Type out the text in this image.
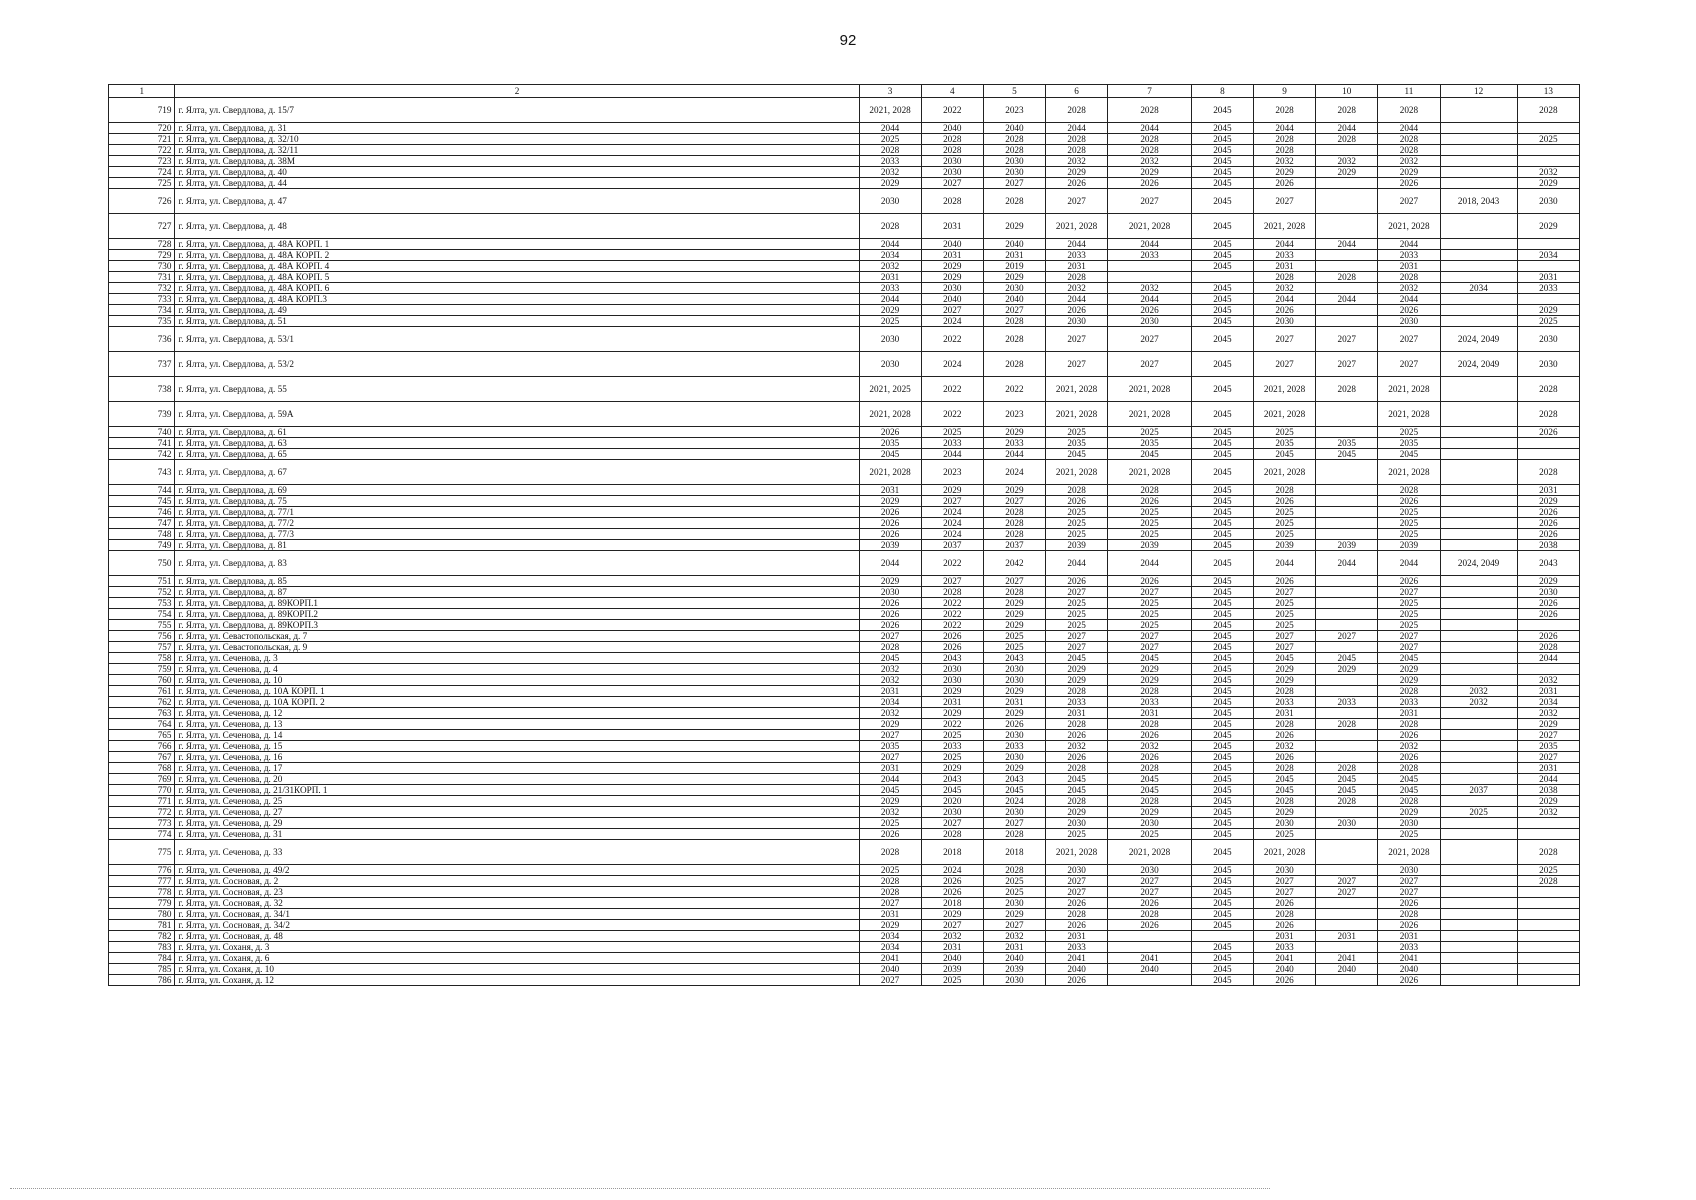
92
1	2	3	4	5	6	7	8	9	10	11	12	13
719	г. Ялта, ул. Свердлова, д. 15/7	2021, 2028	2022	2023	2028	2028	2045	2028	2028	2028		2028
720	г. Ялта, ул. Свердлова, д. 31	2044	2040	2040	2044	2044	2045	2044	2044	2044		
721	г. Ялта, ул. Свердлова, д. 32/10	2025	2028	2028	2028	2028	2045	2028	2028	2028		2025
722	г. Ялта, ул. Свердлова, д. 32/11	2028	2028	2028	2028	2028	2045	2028		2028		
723	г. Ялта, ул. Свердлова, д. 38М	2033	2030	2030	2032	2032	2045	2032	2032	2032		
724	г. Ялта, ул. Свердлова, д. 40	2032	2030	2030	2029	2029	2045	2029	2029	2029		2032
725	г. Ялта, ул. Свердлова, д. 44	2029	2027	2027	2026	2026	2045	2026		2026		2029
726	г. Ялта, ул. Свердлова, д. 47	2030	2028	2028	2027	2027	2045	2027		2027	2018, 2043	2030
727	г. Ялта, ул. Свердлова, д. 48	2028	2031	2029	2021, 2028	2021, 2028	2045	2021, 2028		2021, 2028		2029
728	г. Ялта, ул. Свердлова, д. 48А КОРП. 1	2044	2040	2040	2044	2044	2045	2044	2044	2044		
729	г. Ялта, ул. Свердлова, д. 48А КОРП. 2	2034	2031	2031	2033	2033	2045	2033		2033		2034
730	г. Ялта, ул. Свердлова, д. 48А КОРП. 4	2032	2029	2019	2031		2045	2031		2031		
731	г. Ялта, ул. Свердлова, д. 48А КОРП. 5	2031	2029	2029	2028			2028	2028	2028		2031
732	г. Ялта, ул. Свердлова, д. 48А КОРП. 6	2033	2030	2030	2032	2032	2045	2032		2032	2034	2033
733	г. Ялта, ул. Свердлова, д. 48А КОРП.3	2044	2040	2040	2044	2044	2045	2044	2044	2044		
734	г. Ялта, ул. Свердлова, д. 49	2029	2027	2027	2026	2026	2045	2026		2026		2029
735	г. Ялта, ул. Свердлова, д. 51	2025	2024	2028	2030	2030	2045	2030		2030		2025
736	г. Ялта, ул. Свердлова, д. 53/1	2030	2022	2028	2027	2027	2045	2027	2027	2027	2024, 2049	2030
737	г. Ялта, ул. Свердлова, д. 53/2	2030	2024	2028	2027	2027	2045	2027	2027	2027	2024, 2049	2030
738	г. Ялта, ул. Свердлова, д. 55	2021, 2025	2022	2022	2021, 2028	2021, 2028	2045	2021, 2028	2028	2021, 2028		2028
739	г. Ялта, ул. Свердлова, д. 59А	2021, 2028	2022	2023	2021, 2028	2021, 2028	2045	2021, 2028		2021, 2028		2028
740	г. Ялта, ул. Свердлова, д. 61	2026	2025	2029	2025	2025	2045	2025		2025		2026
741	г. Ялта, ул. Свердлова, д. 63	2035	2033	2033	2035	2035	2045	2035	2035	2035		
742	г. Ялта, ул. Свердлова, д. 65	2045	2044	2044	2045	2045	2045	2045	2045	2045		
743	г. Ялта, ул. Свердлова, д. 67	2021, 2028	2023	2024	2021, 2028	2021, 2028	2045	2021, 2028		2021, 2028		2028
744	г. Ялта, ул. Свердлова, д. 69	2031	2029	2029	2028	2028	2045	2028		2028		2031
745	г. Ялта, ул. Свердлова, д. 75	2029	2027	2027	2026	2026	2045	2026		2026		2029
746	г. Ялта, ул. Свердлова, д. 77/1	2026	2024	2028	2025	2025	2045	2025		2025		2026
747	г. Ялта, ул. Свердлова, д. 77/2	2026	2024	2028	2025	2025	2045	2025		2025		2026
748	г. Ялта, ул. Свердлова, д. 77/3	2026	2024	2028	2025	2025	2045	2025		2025		2026
749	г. Ялта, ул. Свердлова, д. 81	2039	2037	2037	2039	2039	2045	2039	2039	2039		2038
750	г. Ялта, ул. Свердлова, д. 83	2044	2022	2042	2044	2044	2045	2044	2044	2044	2024, 2049	2043
751	г. Ялта, ул. Свердлова, д. 85	2029	2027	2027	2026	2026	2045	2026		2026		2029
752	г. Ялта, ул. Свердлова, д. 87	2030	2028	2028	2027	2027	2045	2027		2027		2030
753	г. Ялта, ул. Свердлова, д. 89КОРП.1	2026	2022	2029	2025	2025	2045	2025		2025		2026
754	г. Ялта, ул. Свердлова, д. 89КОРП.2	2026	2022	2029	2025	2025	2045	2025		2025		2026
755	г. Ялта, ул. Свердлова, д. 89КОРП.3	2026	2022	2029	2025	2025	2045	2025		2025		
756	г. Ялта, ул. Севастопольская, д. 7	2027	2026	2025	2027	2027	2045	2027	2027	2027		2026
757	г. Ялта, ул. Севастопольская, д. 9	2028	2026	2025	2027	2027	2045	2027		2027		2028
758	г. Ялта, ул. Сеченова, д. 3	2045	2043	2043	2045	2045	2045	2045	2045	2045		2044
759	г. Ялта, ул. Сеченова, д. 4	2032	2030	2030	2029	2029	2045	2029	2029	2029		
760	г. Ялта, ул. Сеченова, д. 10	2032	2030	2030	2029	2029	2045	2029		2029		2032
761	г. Ялта, ул. Сеченова, д. 10А КОРП. 1	2031	2029	2029	2028	2028	2045	2028		2028	2032	2031
762	г. Ялта, ул. Сеченова, д. 10А КОРП. 2	2034	2031	2031	2033	2033	2045	2033	2033	2033	2032	2034
763	г. Ялта, ул. Сеченова, д. 12	2032	2029	2029	2031	2031	2045	2031		2031		2032
764	г. Ялта, ул. Сеченова, д. 13	2029	2022	2026	2028	2028	2045	2028	2028	2028		2029
765	г. Ялта, ул. Сеченова, д. 14	2027	2025	2030	2026	2026	2045	2026		2026		2027
766	г. Ялта, ул. Сеченова, д. 15	2035	2033	2033	2032	2032	2045	2032		2032		2035
767	г. Ялта, ул. Сеченова, д. 16	2027	2025	2030	2026	2026	2045	2026		2026		2027
768	г. Ялта, ул. Сеченова, д. 17	2031	2029	2029	2028	2028	2045	2028	2028	2028		2031
769	г. Ялта, ул. Сеченова, д. 20	2044	2043	2043	2045	2045	2045	2045	2045	2045		2044
770	г. Ялта, ул. Сеченова, д. 21/31КОРП. 1	2045	2045	2045	2045	2045	2045	2045	2045	2045	2037	2038
771	г. Ялта, ул. Сеченова, д. 25	2029	2020	2024	2028	2028	2045	2028	2028	2028		2029
772	г. Ялта, ул. Сеченова, д. 27	2032	2030	2030	2029	2029	2045	2029		2029	2025	2032
773	г. Ялта, ул. Сеченова, д. 29	2025	2027	2027	2030	2030	2045	2030	2030	2030		
774	г. Ялта, ул. Сеченова, д. 31	2026	2028	2028	2025	2025	2045	2025		2025		
775	г. Ялта, ул. Сеченова, д. 33	2028	2018	2018	2021, 2028	2021, 2028	2045	2021, 2028		2021, 2028		2028
776	г. Ялта, ул. Сеченова, д. 49/2	2025	2024	2028	2030	2030	2045	2030		2030		2025
777	г. Ялта, ул. Сосновая, д. 2	2028	2026	2025	2027	2027	2045	2027	2027	2027		2028
778	г. Ялта, ул. Сосновая, д. 23	2028	2026	2025	2027	2027	2045	2027	2027	2027		
779	г. Ялта, ул. Сосновая, д. 32	2027	2018	2030	2026	2026	2045	2026		2026		
780	г. Ялта, ул. Сосновая, д. 34/1	2031	2029	2029	2028	2028	2045	2028		2028		
781	г. Ялта, ул. Сосновая, д. 34/2	2029	2027	2027	2026	2026	2045	2026		2026		
782	г. Ялта, ул. Сосновая, д. 48	2034	2032	2032	2031			2031	2031	2031		
783	г. Ялта, ул. Соханя, д. 3	2034	2031	2031	2033		2045	2033		2033		
784	г. Ялта, ул. Соханя, д. 6	2041	2040	2040	2041	2041	2045	2041	2041	2041		
785	г. Ялта, ул. Соханя, д. 10	2040	2039	2039	2040	2040	2045	2040	2040	2040		
786	г. Ялта, ул. Соханя, д. 12	2027	2025	2030	2026		2045	2026		2026		
